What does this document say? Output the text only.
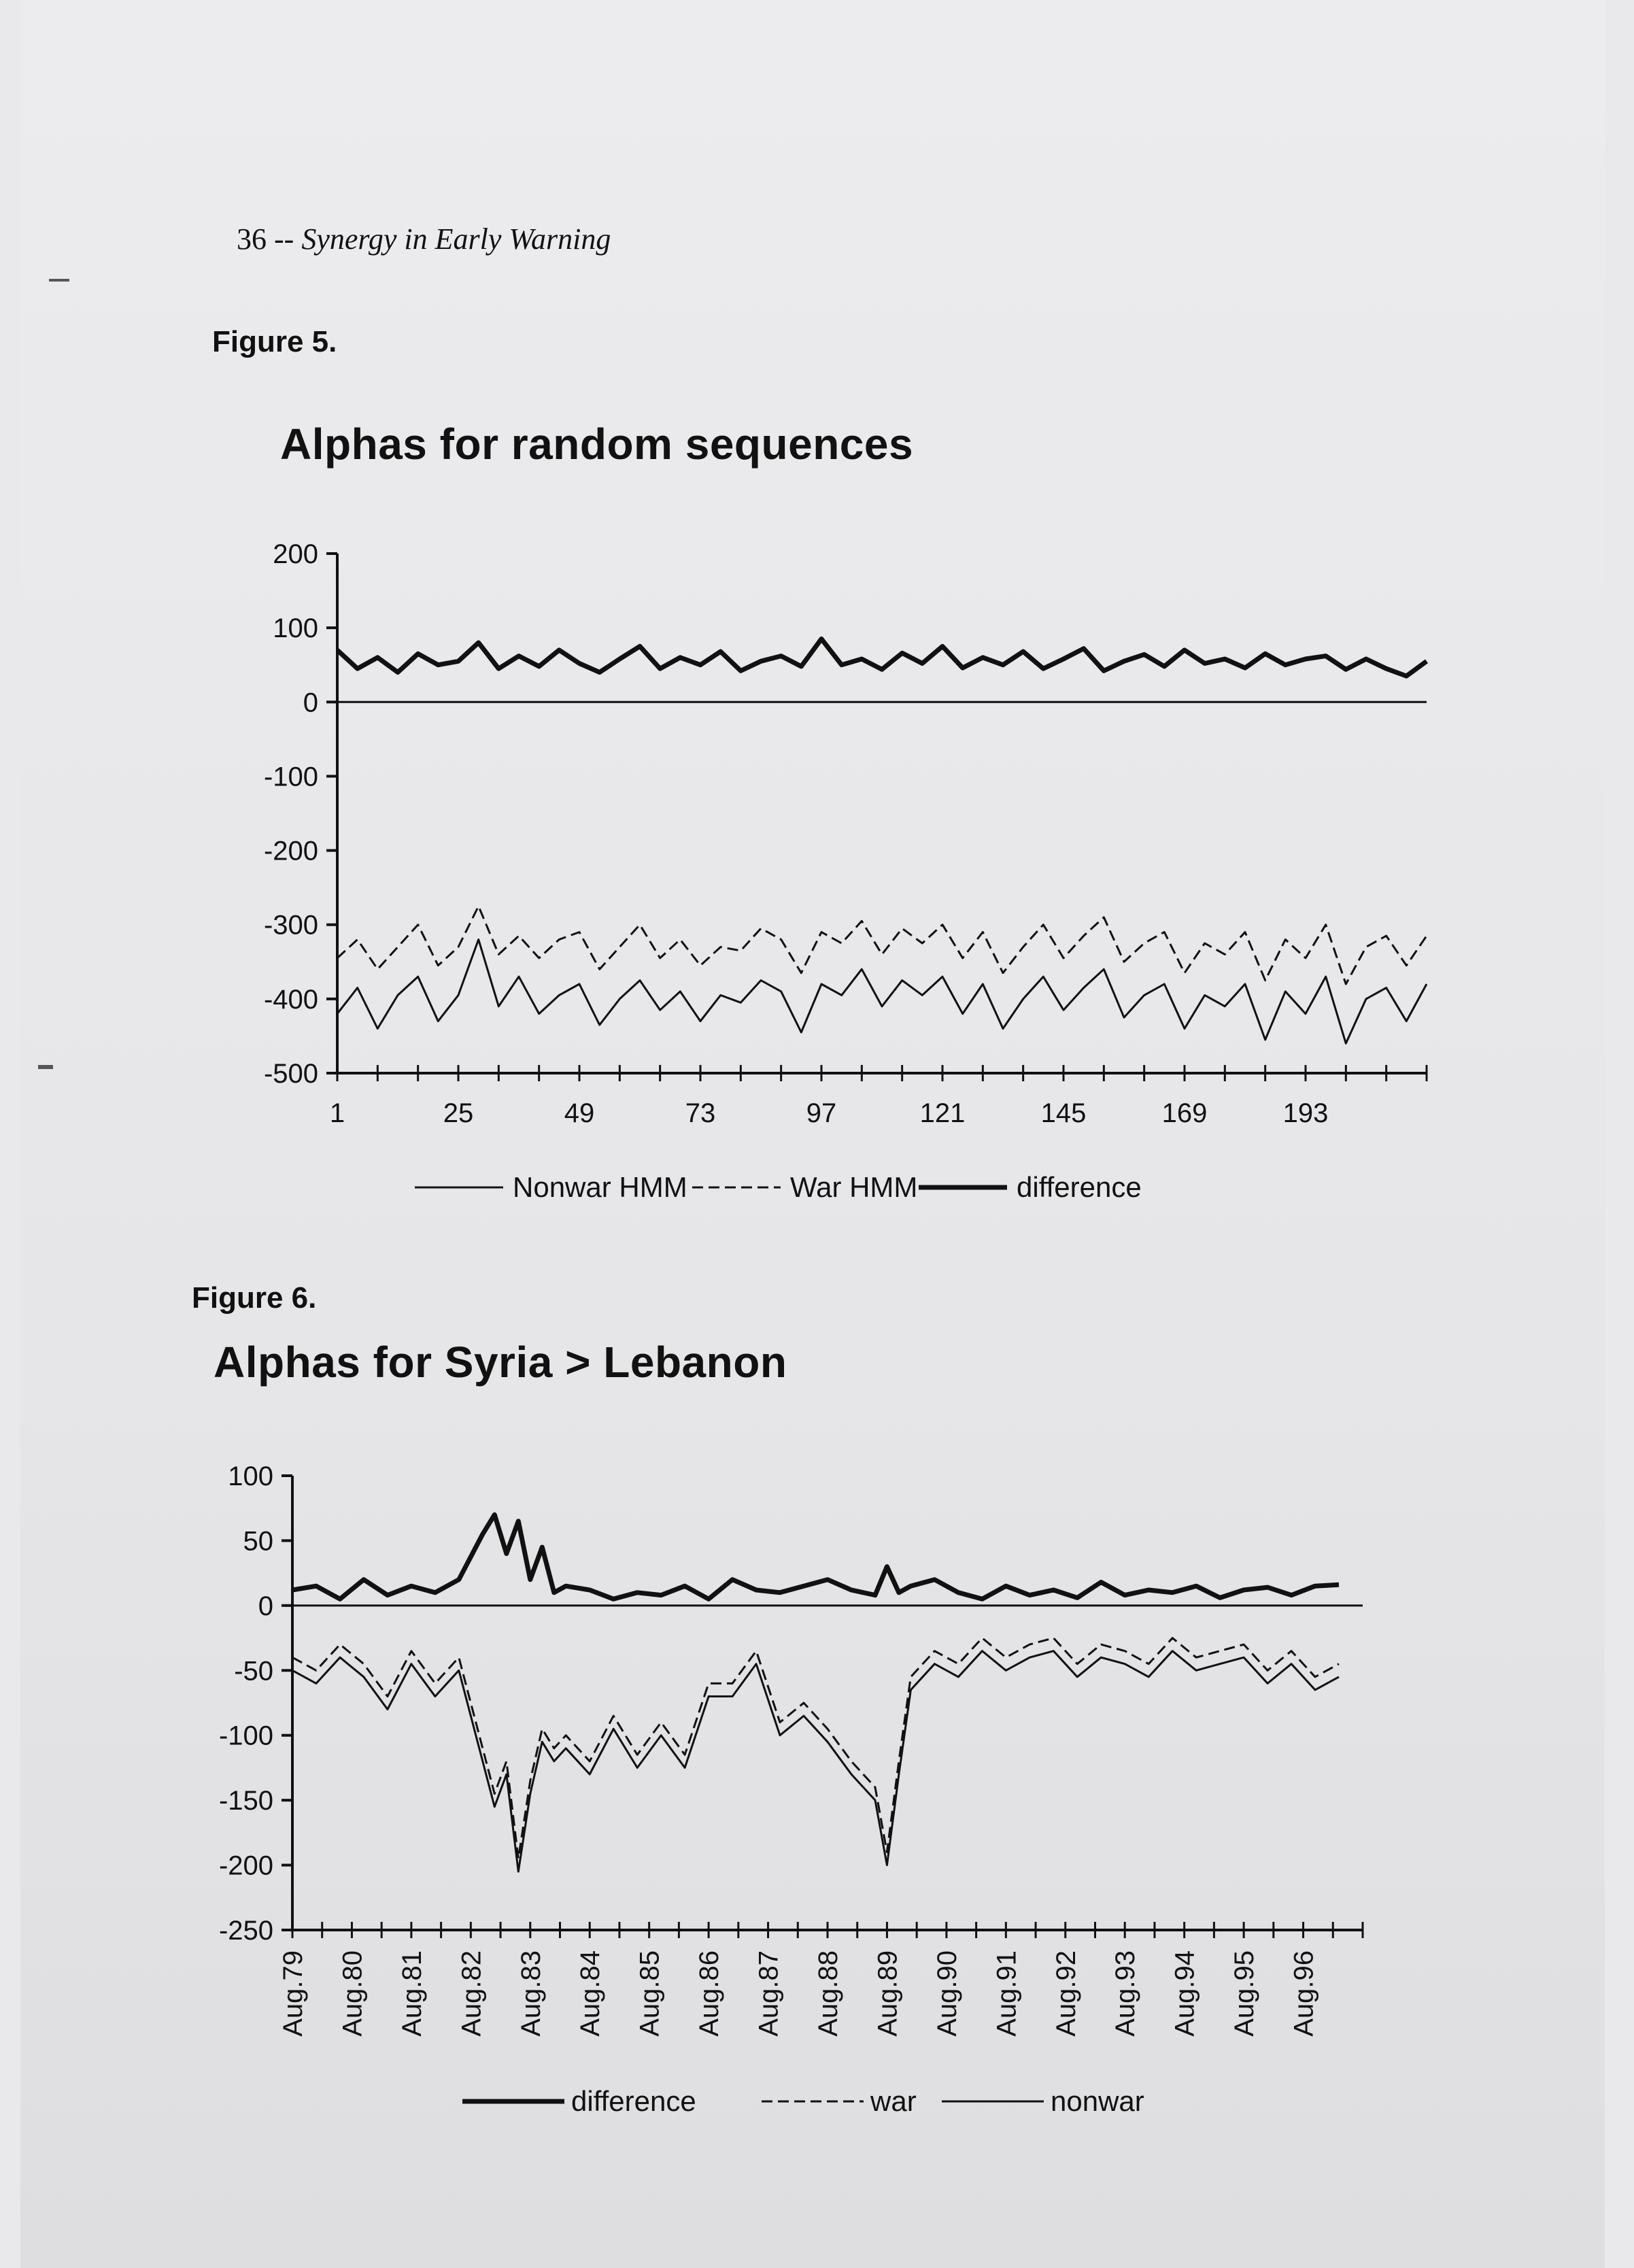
36 -- Synergy in Early Warning
Figure 5.
Alphas for random sequences
Figure 6.
Alphas for Syria > Lebanon
200
100
0
-100
-200
-300
-400
-500
1	25	49	73	97	121	145	169	193
Nonwar HMM	War HMM	difference
100
50
0
-50
-100
-150
-200
-250
Aug.79 Aug.80 Aug.81 Aug.82 Aug.83 Aug.84 Aug.85 Aug.86 Aug.87 Aug.88 Aug.89 Aug.90 Aug.91 Aug.92 Aug.93 Aug.94 Aug.95 Aug.96
difference	war	nonwar
